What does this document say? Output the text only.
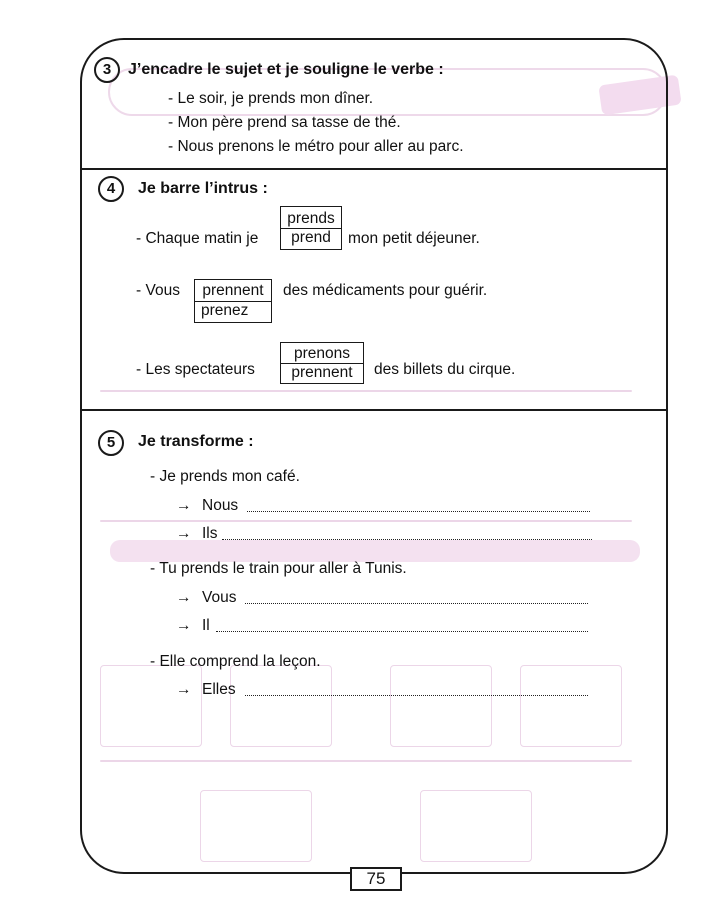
3	J’encadre le sujet et je souligne le verbe :
- Le soir, je prends mon dîner.
- Mon père prend sa tasse de thé.
- Nous prenons le métro pour aller au parc.
4	Je barre l’intrus :
- Chaque matin je
prends
prend	mon petit déjeuner.
- Vous	prennent
prenez
des médicaments pour guérir.
- Les spectateurs
prenons
prennent	des billets du cirque.
5	Je transforme :
- Je prends mon café.
→ Nous
→ Ils
- Tu prends le train pour aller à Tunis.
→ Vous
→ Il
- Elle comprend la leçon.
→ Elles
75
